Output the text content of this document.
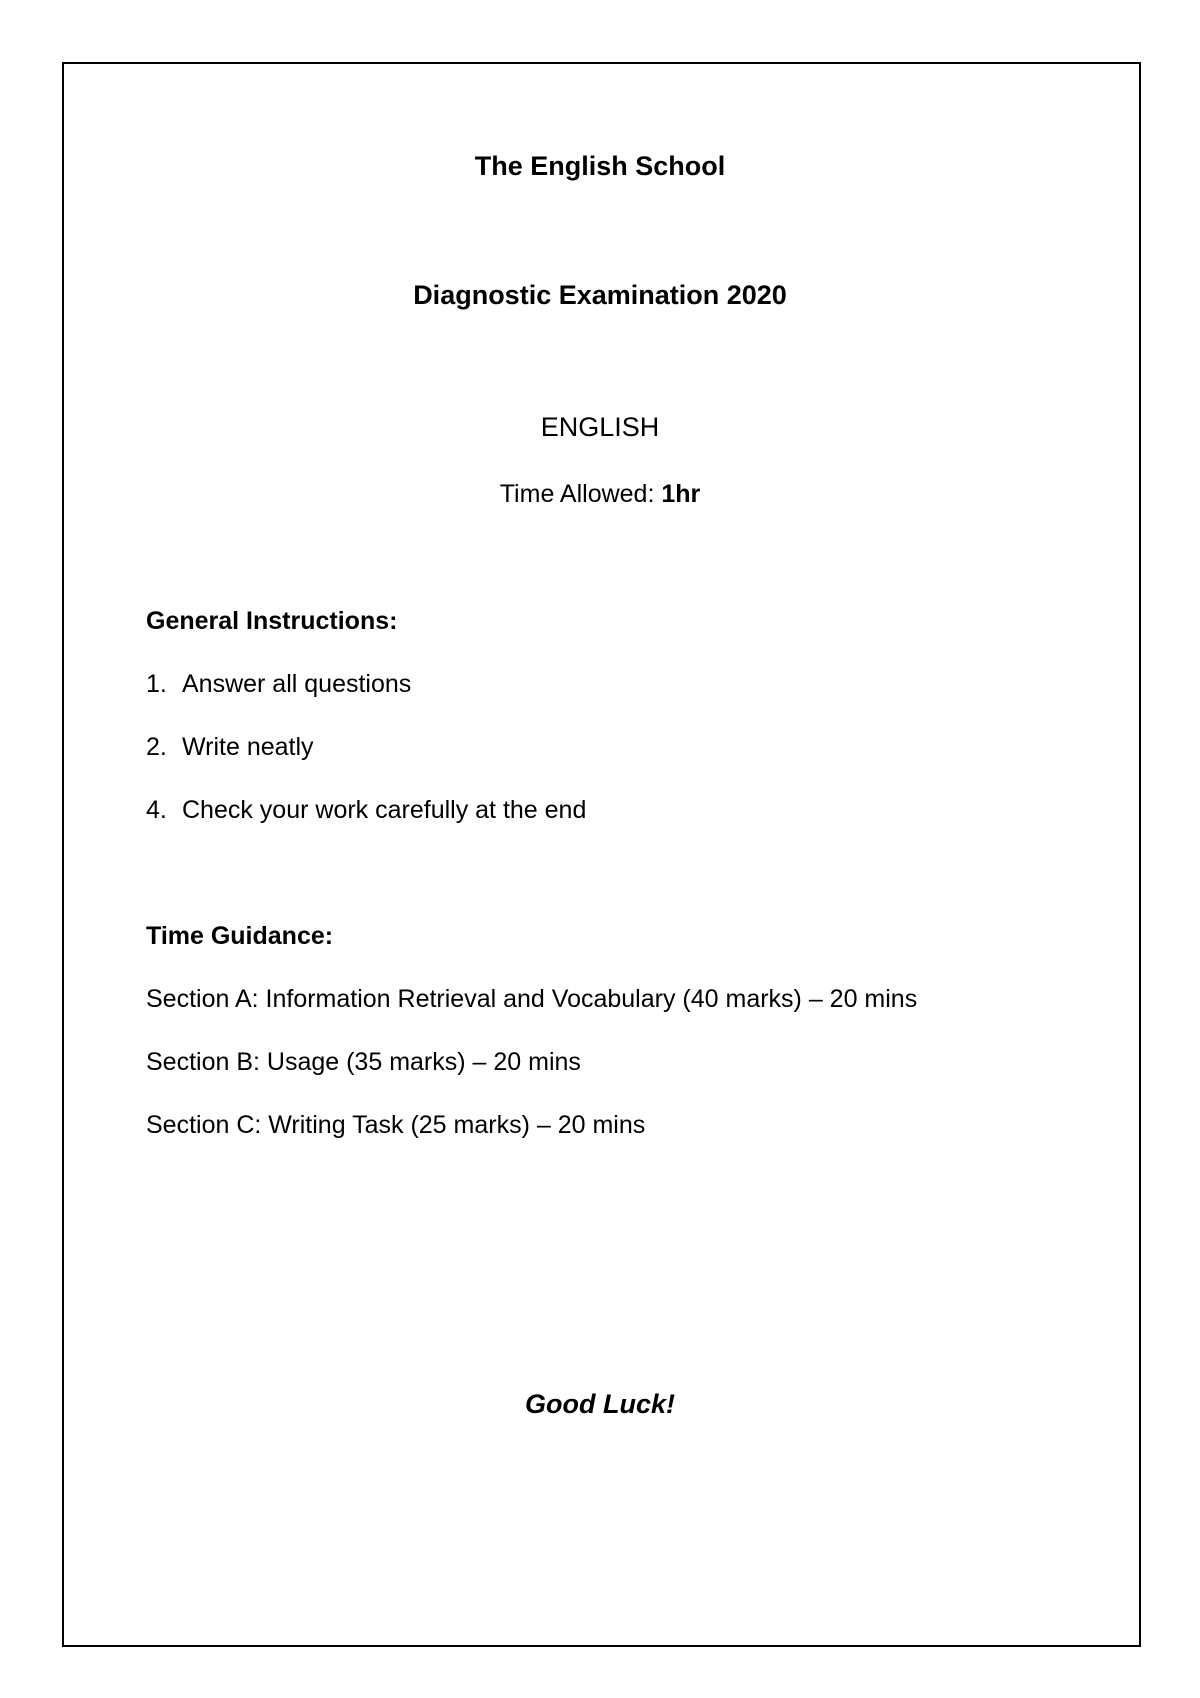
The English School
Diagnostic Examination 2020
ENGLISH
Time Allowed: 1hr
General Instructions:
1. Answer all questions
2. Write neatly
4. Check your work carefully at the end
Time Guidance:
Section A: Information Retrieval and Vocabulary (40 marks) – 20 mins
Section B: Usage (35 marks) – 20 mins
Section C: Writing Task (25 marks) – 20 mins
Good Luck!
